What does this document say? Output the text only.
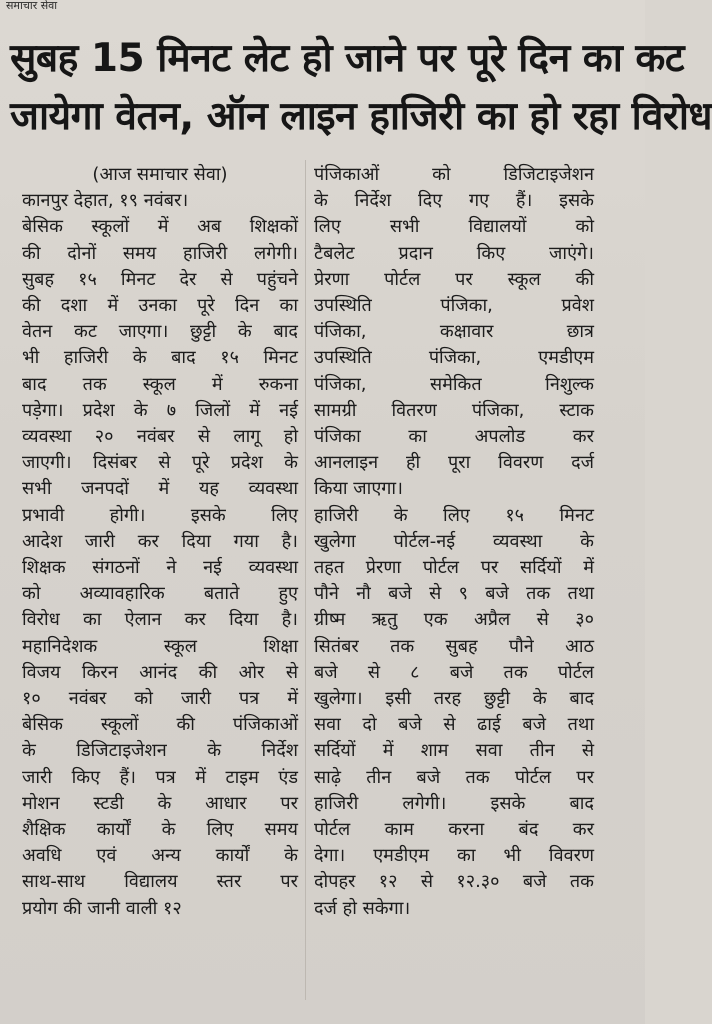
समाचार सेवा
सुबह 15 मिनट लेट हो जाने पर पूरे दिन का कट
जायेगा वेतन, ऑन लाइन हाजिरी का हो रहा विरोध
(आज समाचार सेवा)
कानपुर देहात, १९ नवंबर।
बेसिक स्कूलों में अब शिक्षकों
की दोनों समय हाजिरी लगेगी।
सुबह १५ मिनट देर से पहुंचने
की दशा में उनका पूरे दिन का
वेतन कट जाएगा। छुट्टी के बाद
भी हाजिरी के बाद १५ मिनट
बाद तक स्कूल में रुकना
पड़ेगा। प्रदेश के ७ जिलों में नई
व्यवस्था २० नवंबर से लागू हो
जाएगी। दिसंबर से पूरे प्रदेश के
सभी जनपदों में यह व्यवस्था
प्रभावी होगी। इसके लिए
आदेश जारी कर दिया गया है।
शिक्षक संगठनों ने नई व्यवस्था
को अव्यावहारिक बताते हुए
विरोध का ऐलान कर दिया है।
महानिदेशक स्कूल शिक्षा
विजय किरन आनंद की ओर से
१० नवंबर को जारी पत्र में
बेसिक स्कूलों की पंजिकाओं
के डिजिटाइजेशन के निर्देश
जारी किए हैं। पत्र में टाइम एंड
मोशन स्टडी के आधार पर
शैक्षिक कार्यों के लिए समय
अवधि एवं अन्य कार्यों के
साथ-साथ विद्यालय स्तर पर
प्रयोग की जानी वाली १२
पंजिकाओं को डिजिटाइजेशन
के निर्देश दिए गए हैं। इसके
लिए सभी विद्यालयों को
टैबलेट प्रदान किए जाएंगे।
प्रेरणा पोर्टल पर स्कूल की
उपस्थिति पंजिका, प्रवेश
पंजिका, कक्षावार छात्र
उपस्थिति पंजिका, एमडीएम
पंजिका, समेकित निशुल्क
सामग्री वितरण पंजिका, स्टाक
पंजिका का अपलोड कर
आनलाइन ही पूरा विवरण दर्ज
किया जाएगा।
हाजिरी के लिए १५ मिनट
खुलेगा पोर्टल-नई व्यवस्था के
तहत प्रेरणा पोर्टल पर सर्दियों में
पौने नौ बजे से ९ बजे तक तथा
ग्रीष्म ऋतु एक अप्रैल से ३०
सितंबर तक सुबह पौने आठ
बजे से ८ बजे तक पोर्टल
खुलेगा। इसी तरह छुट्टी के बाद
सवा दो बजे से ढाई बजे तथा
सर्दियों में शाम सवा तीन से
साढ़े तीन बजे तक पोर्टल पर
हाजिरी लगेगी। इसके बाद
पोर्टल काम करना बंद कर
देगा। एमडीएम का भी विवरण
दोपहर १२ से १२.३० बजे तक
दर्ज हो सकेगा।
